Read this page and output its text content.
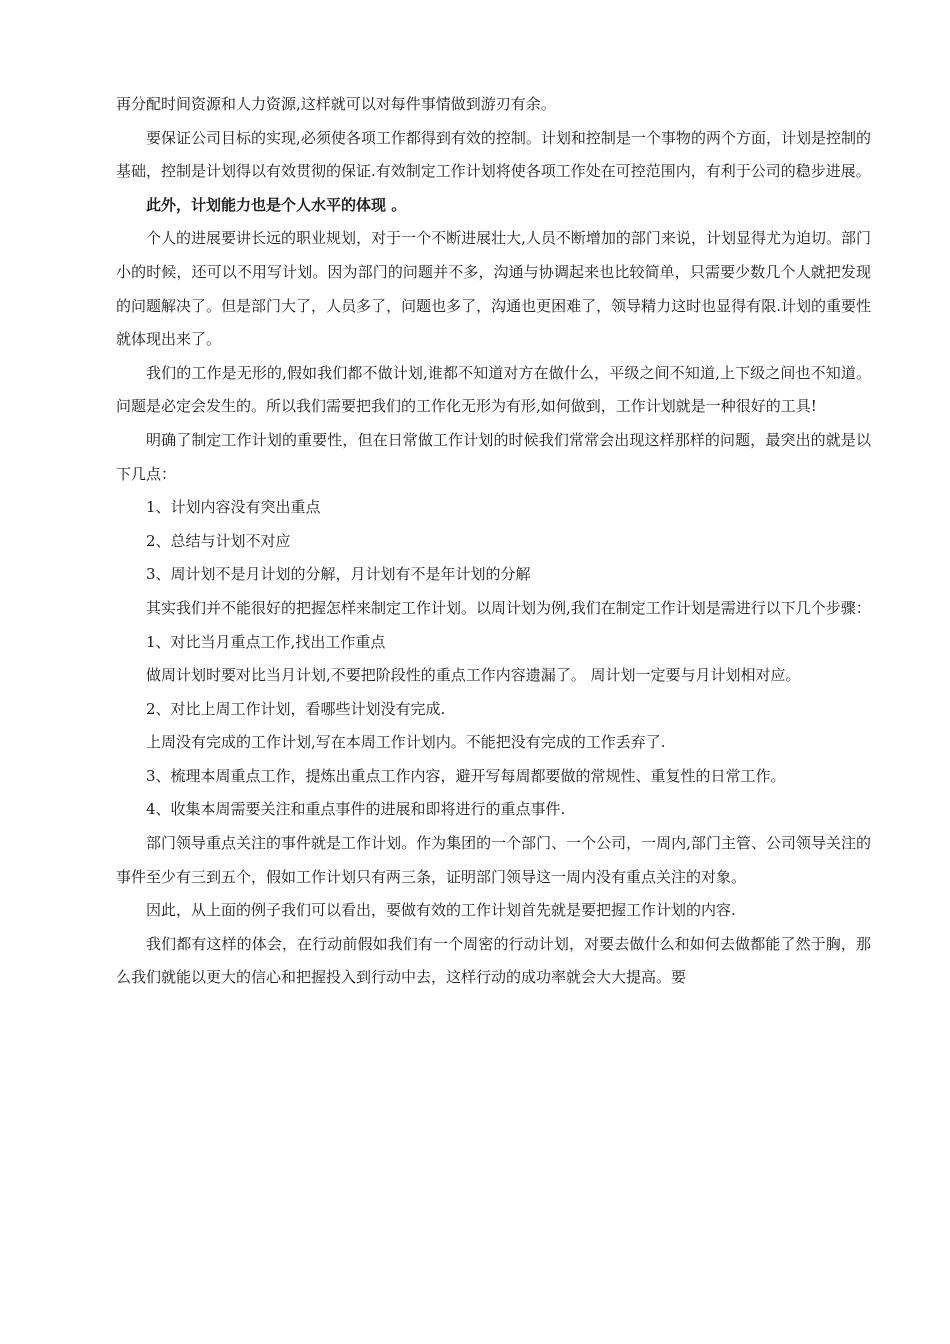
再分配时间资源和人力资源,这样就可以对每件事情做到游刃有余。

要保证公司目标的实现,必须使各项工作都得到有效的控制。计划和控制是一个事物的两个方面，计划是控制的基础，控制是计划得以有效贯彻的保证.有效制定工作计划将使各项工作处在可控范围内，有利于公司的稳步进展。

此外，计划能力也是个人水平的体现 。

个人的进展要讲长远的职业规划，对于一个不断进展壮大,人员不断增加的部门来说，计划显得尤为迫切。部门小的时候，还可以不用写计划。因为部门的问题并不多，沟通与协调起来也比较简单，只需要少数几个人就把发现的问题解决了。但是部门大了，人员多了，问题也多了，沟通也更困难了，领导精力这时也显得有限.计划的重要性就体现出来了。

我们的工作是无形的,假如我们都不做计划,谁都不知道对方在做什么，平级之间不知道,上下级之间也不知道。问题是必定会发生的。所以我们需要把我们的工作化无形为有形,如何做到，工作计划就是一种很好的工具!

明确了制定工作计划的重要性，但在日常做工作计划的时候我们常常会出现这样那样的问题，最突出的就是以下几点：

1、计划内容没有突出重点

2、总结与计划不对应

3、周计划不是月计划的分解，月计划有不是年计划的分解

其实我们并不能很好的把握怎样来制定工作计划。以周计划为例,我们在制定工作计划是需进行以下几个步骤：

1、对比当月重点工作,找出工作重点

做周计划时要对比当月计划,不要把阶段性的重点工作内容遗漏了。 周计划一定要与月计划相对应。

2、对比上周工作计划，看哪些计划没有完成.

上周没有完成的工作计划,写在本周工作计划内。不能把没有完成的工作丢弃了.

3、梳理本周重点工作，提炼出重点工作内容，避开写每周都要做的常规性、重复性的日常工作。

4、收集本周需要关注和重点事件的进展和即将进行的重点事件.

部门领导重点关注的事件就是工作计划。作为集团的一个部门、一个公司，一周内,部门主管、公司领导关注的事件至少有三到五个，假如工作计划只有两三条，证明部门领导这一周内没有重点关注的对象。

因此，从上面的例子我们可以看出，要做有效的工作计划首先就是要把握工作计划的内容.

我们都有这样的体会，在行动前假如我们有一个周密的行动计划，对要去做什么和如何去做都能了然于胸，那么我们就能以更大的信心和把握投入到行动中去，这样行动的成功率就会大大提高。要
